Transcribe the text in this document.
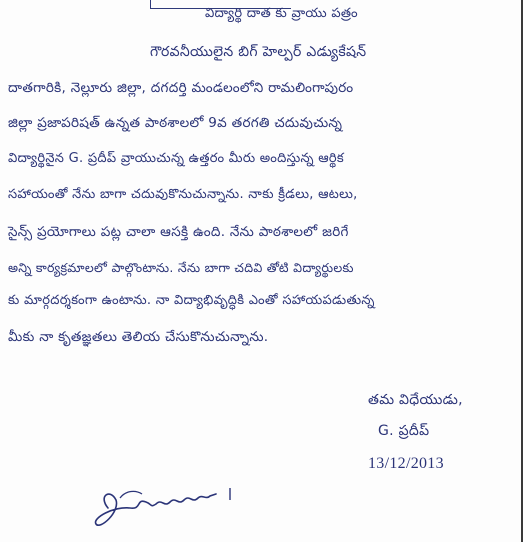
విద్యార్థి దాత కు వ్రాయు పత్రం
గౌరవనీయులైన బిగ్ హెల్పర్ ఎడ్యుకేషన్
దాతగారికి, నెల్లూరు జిల్లా, దగదర్తి మండలంలోని రామలింగాపురం
జిల్లా ప్రజాపరిషత్ ఉన్నత పాఠశాలలో 9వ తరగతి చదువుచున్న
విద్యార్థినైన G. ప్రదీప్ వ్రాయుచున్న ఉత్తరం మీరు అందిస్తున్న ఆర్థిక
సహాయంతో నేను బాగా చదువుకొనుచున్నాను. నాకు క్రీడలు, ఆటలు,
సైన్స్ ప్రయోగాలు పట్ల చాలా ఆసక్తి ఉంది. నేను పాఠశాలలో జరిగే
అన్ని కార్యక్రమాలలో పాల్గొంటాను. నేను బాగా చదివి తోటి విద్యార్థులకు
కు మార్గదర్శకంగా ఉంటాను. నా విద్యాభివృద్ధికి ఎంతో సహాయపడుతున్న
మీకు నా కృతజ్ఞతలు తెలియ చేసుకొనుచున్నాను.
తమ విధేయుడు,
G. ప్రదీప్
13/12/2013
